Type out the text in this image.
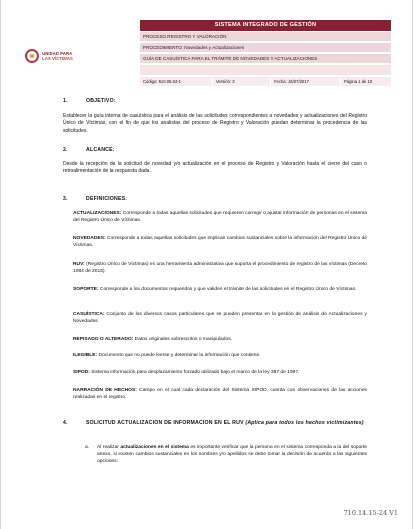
UNIDAD PARA
LAS VÍCTIMAS
SISTEMA INTEGRADO DE GESTIÓN
PROCESO REGISTRO Y VALORACIÓN
PROCEDIMIENTO: Novedades y Actualizaciones
GUÍA DE CASUÍSTICA PARA EL TRÁMITE DE NOVEDADES Y ACTUALIZACIONES
Código: 510.05.04-1	Versión: 3	Fecha: 16/07/2017	Página 1 de 10
1.	OBJETIVO:
Establecer la guía interna de casuística para el análisis de las solicitudes correspondientes a novedades y actualizaciones del Registro Único de Víctimas, con el fin de que los analistas del proceso de Registro y Valoración puedan determinar la procedencia de las solicitudes.
2.	ALCANCE:
Desde la recepción de la solicitud de novedad y/o actualización en el proceso de Registro y Valoración hasta el cierre del caso o retroalimentación de la respuesta dada.
3.	DEFINICIONES:
ACTUALIZACIONES: Corresponde a todas aquellas solicitudes que requieren corregir o ajustar información de personas en el sistema del Registro Único de Víctimas.
NOVEDADES: Corresponde a todas aquellas solicitudes que implican cambios sustanciales sobre la información del Registro Único de Víctimas.
RUV: (Registro Único de Víctimas) es una herramienta administrativa que soporta el procedimiento de registro de las víctimas (Decreto 1084 de 2015).
SOPORTE: Corresponde a los documentos requeridos y que validen el trámite de las solicitudes en el Registro Único de Víctimas.
CASUÍSTICA: Conjunto de los diversos casos particulares que se pueden presentar en la gestión de análisis de Actualizaciones y Novedades
REPISADO O ALTERADO: Datos originales sobrescritos o manipulados.
ILEGIBLE: Documento que no puede leerse y determinar la información que contiene.
SIPOD: Sistema información para desplazamiento forzado utilizado bajo el marco de la ley 387 de 1997.
NARRACIÓN DE HECHOS: Campo en el cual cada declaración del Sistema SIPOD, cuenta con observaciones de las acciones realizadas en el registro.
4.	SOLICITUD ACTUALIZACION DE INFORMACION EN EL RUV (Aplica para todos los hechos victimizantes)
a. Al realizar actualizaciones en el sistema es importante verificar que la persona en el sistema corresponda a la del soporte anexo, si existen cambios sustanciales en los nombres y/o apellidos se debe tomar la decisión de acuerdo a las siguientes opciones:
710.14.15-24 V1
